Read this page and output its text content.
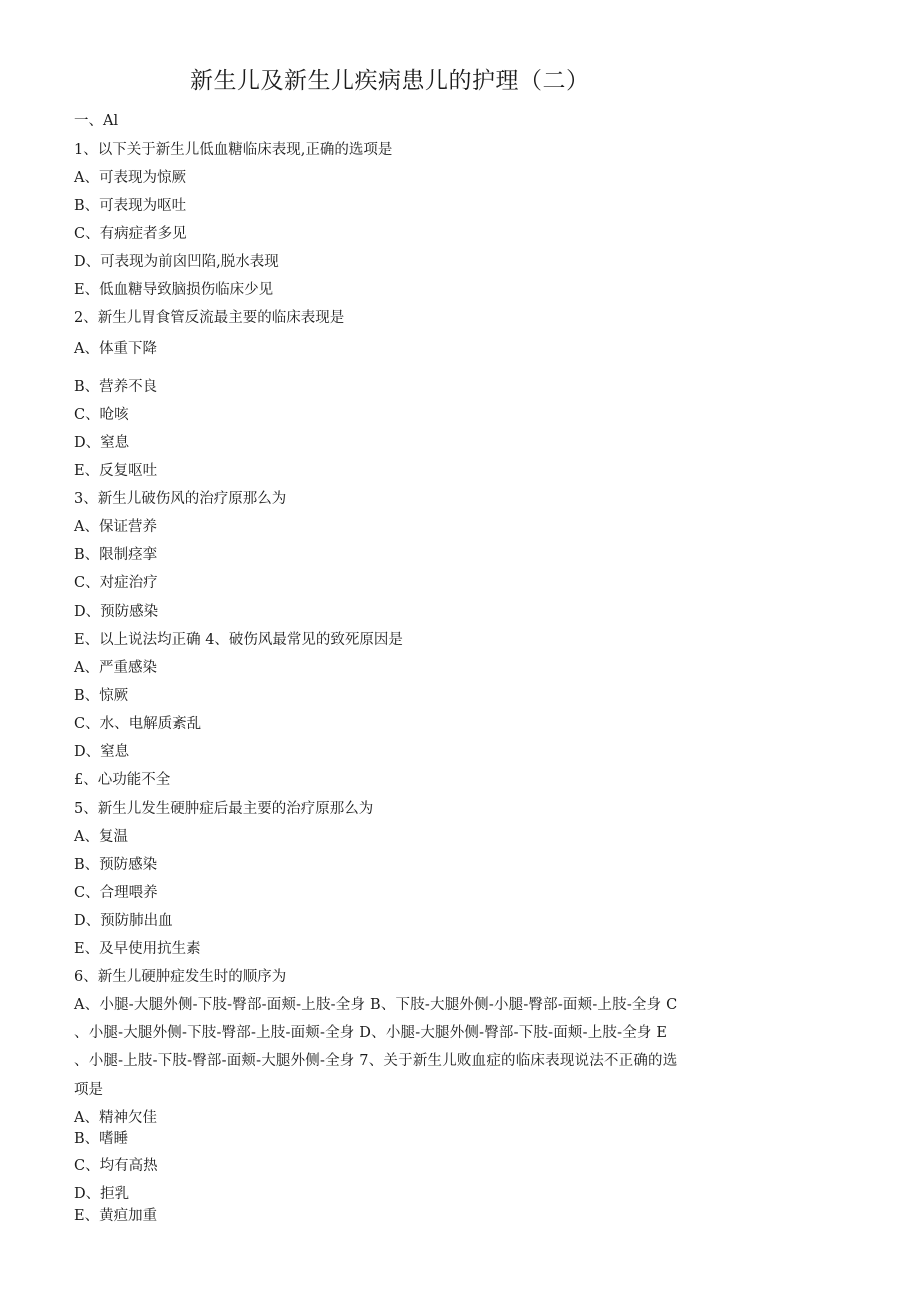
新生儿及新生儿疾病患儿的护理（二）
一、Al
1、以下关于新生儿低血糖临床表现,正确的选项是
A、可表现为惊厥
B、可表现为呕吐
C、有病症者多见
D、可表现为前囟凹陷,脱水表现
E、低血糖导致脑损伤临床少见
2、新生儿胃食管反流最主要的临床表现是
A、体重下降
B、营养不良
C、呛咳
D、窒息
E、反复呕吐
3、新生儿破伤风的治疗原那么为
A、保证营养
B、限制痉挛
C、对症治疗
D、预防感染
E、以上说法均正确 4、破伤风最常见的致死原因是
A、严重感染
B、惊厥
C、水、电解质紊乱
D、窒息
£、心功能不全
5、新生儿发生硬肿症后最主要的治疗原那么为
A、复温
B、预防感染
C、合理喂养
D、预防肺出血
E、及早使用抗生素
6、新生儿硬肿症发生时的顺序为
A、小腿-大腿外侧-下肢-臀部-面颊-上肢-全身 B、下肢-大腿外侧-小腿-臀部-面颊-上肢-全身 C
、小腿-大腿外侧-下肢-臀部-上肢-面颊-全身 D、小腿-大腿外侧-臀部-下肢-面颊-上肢-全身 E
、小腿-上肢-下肢-臀部-面颊-大腿外侧-全身 7、关于新生儿败血症的临床表现说法不正确的选
项是
A、精神欠佳
B、嗜睡
C、均有高热
D、拒乳
E、黄疸加重
